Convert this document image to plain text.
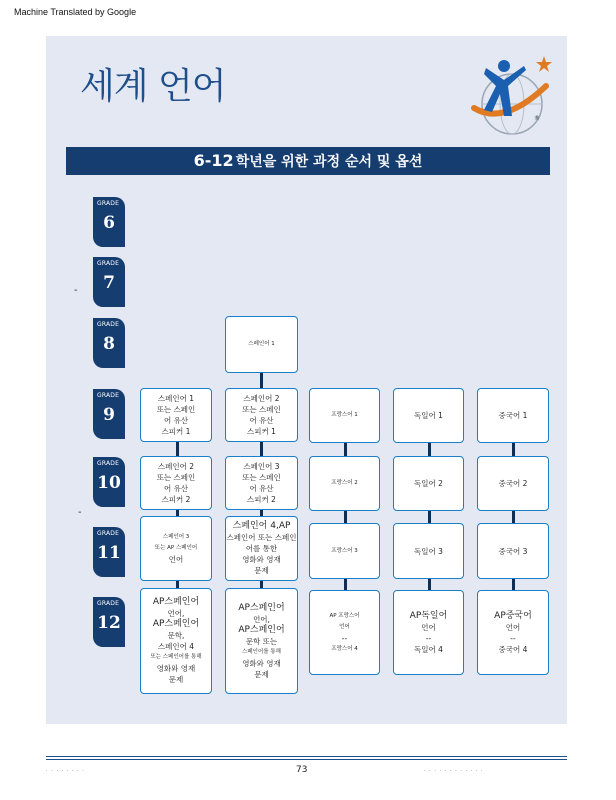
Machine Translated by Google
세계 언어
®
6-12 학년을 위한 과정 순서 및 옵션
GRADE
6
GRADE
7
GRADE
8
GRADE
9
GRADE
10
GRADE
11
GRADE
12
-
-
스페인어 1
스페인어 1
또는 스페인
어 유산
스피커 1
스페인어 2
또는 스페인
어 유산
스피커 1
프랑스어 1	독일어 1	중국어 1
스페인어 2
또는 스페인
어 유산
스피커 2
스페인어 3
또는 스페인
어 유산
스피커 2
프랑스어 2	독일어 2	중국어 2
스페인어 3
또는 AP 스페인어
언어
스페인어 4,AP
스페인어 또는 스페인
어를 통한
영화와 영재
문제
프랑스어 3	독일어 3	중국어 3
AP스페인어
언어,
AP스페인어
문학,
스페인어 4
또는 스페인어를 통해
영화와 영재
문제
AP스페인어
언어,
AP스페인어
문학 또는
스페인어를 통해
영화와 영재
문제
AP 프랑스어
언어
--
프랑스어 4
AP독일어
언어
--
독일어 4
AP중국어
언어
--
중국어 4
· · · · · · · ·	73	· · · · · · · · · · · ·
